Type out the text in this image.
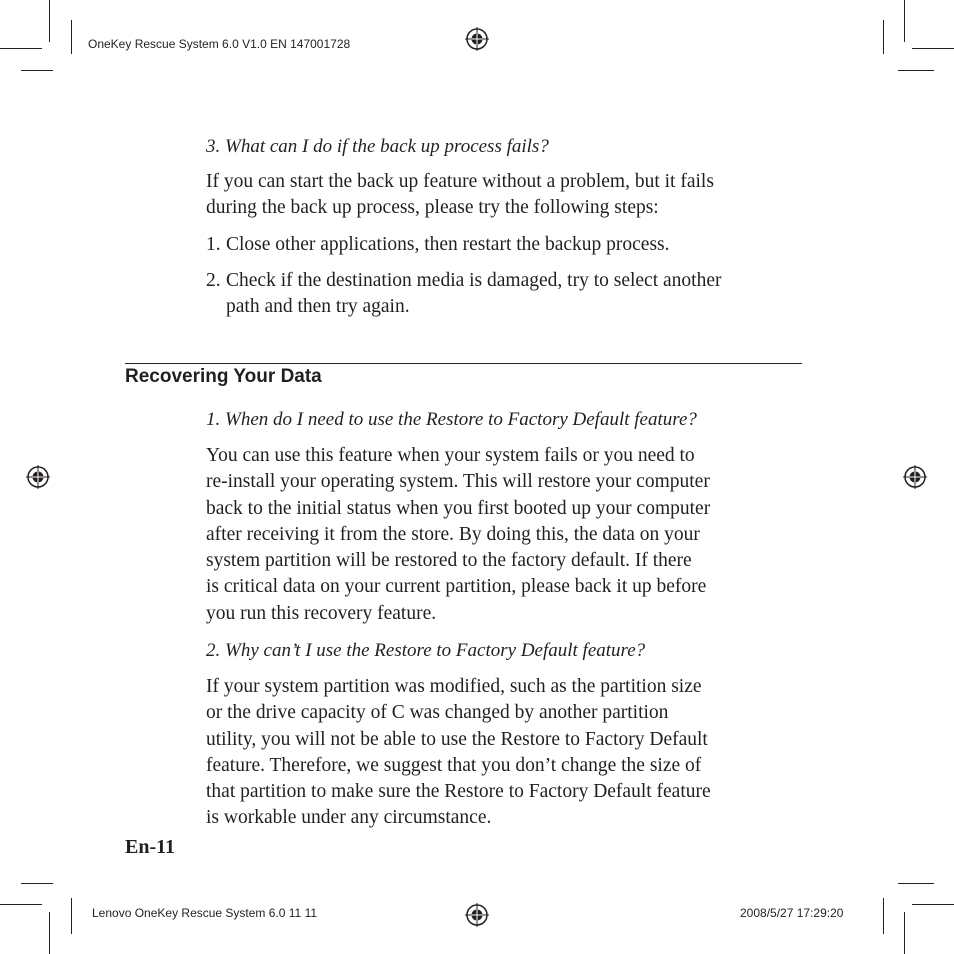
OneKey Rescue System 6.0 V1.0 EN 147001728
Lenovo OneKey Rescue System 6.0 11 11	2008/5/27 17:29:20
3. What can I do if the back up process fails?
If you can start the back up feature without a problem, but it fails
during the back up process, please try the following steps:
1. Close other applications, then restart the backup process.
2. Check if the destination media is damaged, try to select another
path and then try again.
Recovering Your Data
1. When do I need to use the Restore to Factory Default feature?
You can use this feature when your system fails or you need to
re-install your operating system. This will restore your computer
back to the initial status when you first booted up your computer
after receiving it from the store. By doing this, the data on your
system partition will be restored to the factory default. If there
is critical data on your current partition, please back it up before
you run this recovery feature.
2. Why can’t I use the Restore to Factory Default feature?
If your system partition was modified, such as the partition size
or the drive capacity of C was changed by another partition
utility, you will not be able to use the Restore to Factory Default
feature. Therefore, we suggest that you don’t change the size of
that partition to make sure the Restore to Factory Default feature
is workable under any circumstance.
En-11
